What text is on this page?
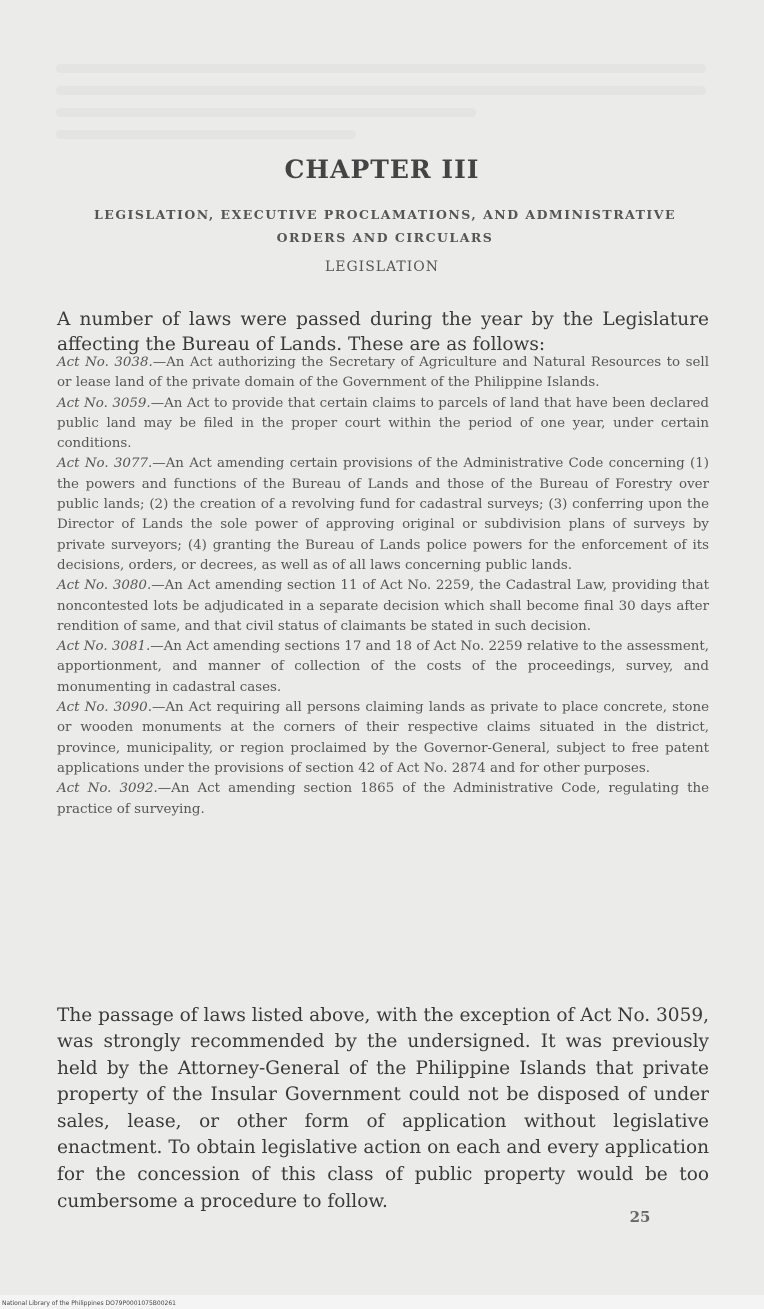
CHAPTER III
LEGISLATION, EXECUTIVE PROCLAMATIONS, AND ADMINISTRATIVE ORDERS AND CIRCULARS
LEGISLATION

A number of laws were passed during the year by the Legislature affecting the Bureau of Lands. These are as follows:

Act No. 3038.—An Act authorizing the Secretary of Agriculture and Natural Resources to sell or lease land of the private domain of the Government of the Philippine Islands.

Act No. 3059.—An Act to provide that certain claims to parcels of land that have been declared public land may be filed in the proper court within the period of one year, under certain conditions.

Act No. 3077.—An Act amending certain provisions of the Administrative Code concerning (1) the powers and functions of the Bureau of Lands and those of the Bureau of Forestry over public lands; (2) the creation of a revolving fund for cadastral surveys; (3) conferring upon the Director of Lands the sole power of approving original or subdivision plans of surveys by private surveyors; (4) granting the Bureau of Lands police powers for the enforcement of its decisions, orders, or decrees, as well as of all laws concerning public lands.

Act No. 3080.—An Act amending section 11 of Act No. 2259, the Cadastral Law, providing that noncontested lots be adjudicated in a separate decision which shall become final 30 days after rendition of same, and that civil status of claimants be stated in such decision.

Act No. 3081.—An Act amending sections 17 and 18 of Act No. 2259 relative to the assessment, apportionment, and manner of collection of the costs of the proceedings, survey, and monumenting in cadastral cases.

Act No. 3090.—An Act requiring all persons claiming lands as private to place concrete, stone or wooden monuments at the corners of their respective claims situated in the district, province, municipality, or region proclaimed by the Governor-General, subject to free patent applications under the provisions of section 42 of Act No. 2874 and for other purposes.

Act No. 3092.—An Act amending section 1865 of the Administrative Code, regulating the practice of surveying.

The passage of laws listed above, with the exception of Act No. 3059, was strongly recommended by the undersigned. It was previously held by the Attorney-General of the Philippine Islands that private property of the Insular Government could not be disposed of under sales, lease, or other form of application without legislative enactment. To obtain legislative action on each and every application for the concession of this class of public property would be too cumbersome a procedure to follow.

25
National Library of the Philippines DO79P0001075B00261
